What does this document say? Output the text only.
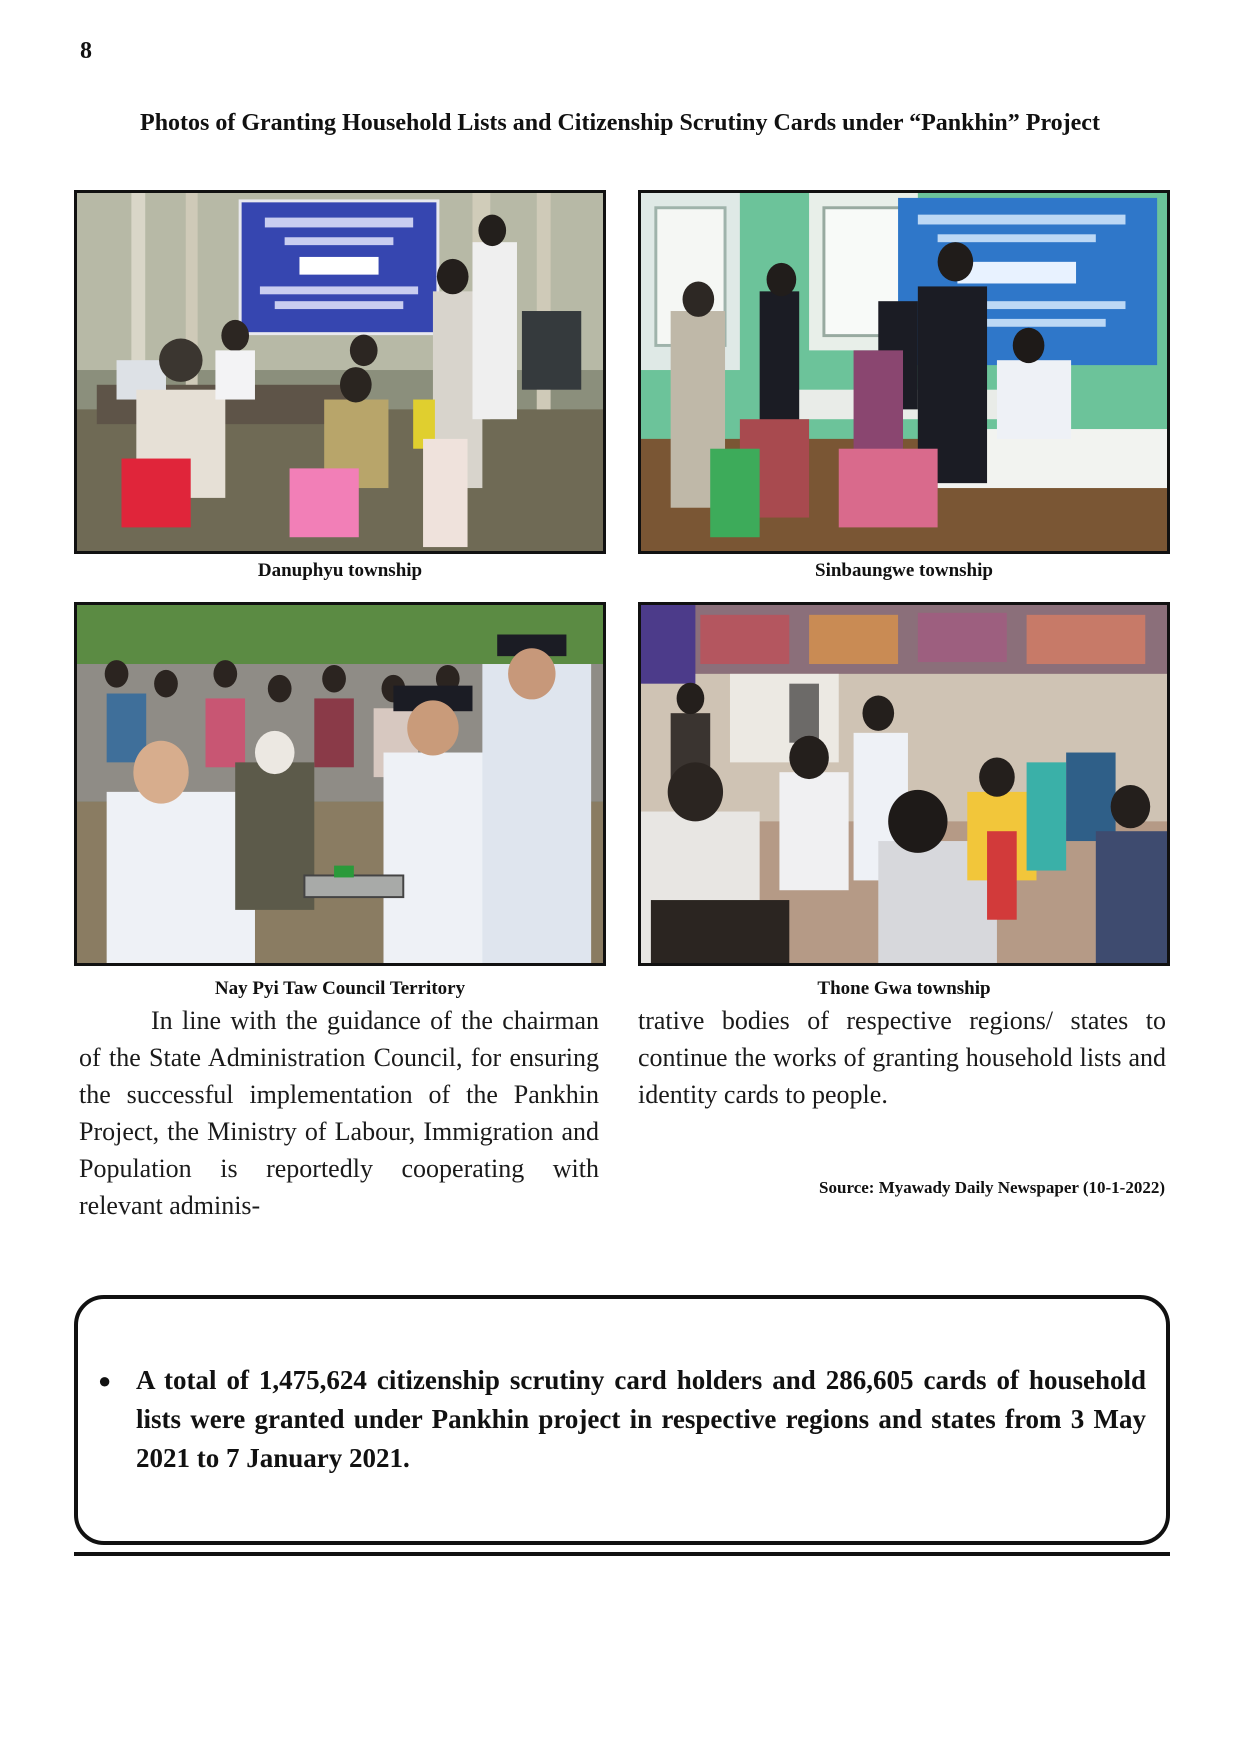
8
Photos of Granting Household Lists and Citizenship Scrutiny Cards under “Pankhin” Project
Danuphyu township	Sinbaungwe township
Nay Pyi Taw Council Territory	Thone Gwa township

In line with the guidance of the chairman of the State Administration Council, for ensuring the successful implementation of the Pankhin Project, the Ministry of Labour, Immigration and Population is reportedly cooperating with relevant adminis-

trative bodies of respective regions/ states to continue the works of granting household lists and identity cards to people.

Source: Myawady Daily Newspaper (10-1-2022)
● A total of 1,475,624 citizenship scrutiny card holders and 286,605 cards of household lists were granted under Pankhin project in respective regions and states from 3 May 2021 to 7 January 2021.
